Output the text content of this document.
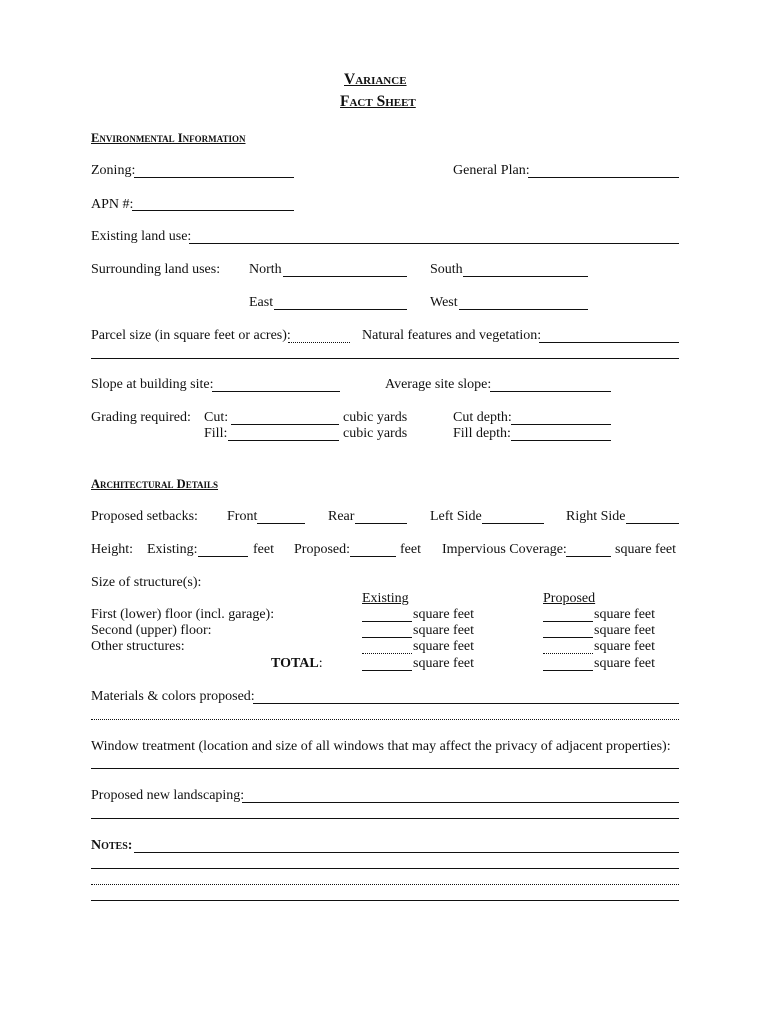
Variance
Fact Sheet
Environmental Information
Zoning:	General Plan:
APN #:
Existing land use:
Surrounding land uses: North	South
East	West
Parcel size (in square feet or acres):	Natural features and vegetation:
Slope at building site:	Average site slope:
Grading required: Cut:	cubic yards	Cut depth:
Fill:	cubic yards	Fill depth:
Architectural Details
Proposed setbacks: Front	Rear	Left Side	Right Side
Height: Existing:	feet Proposed:	feet Impervious Coverage:	square feet
Size of structure(s):
Existing	Proposed
First (lower) floor (incl. garage):	square feet	square feet
Second (upper) floor:	square feet	square feet
Other structures:	square feet	square feet
TOTAL:	square feet	square feet
Materials & colors proposed:
Window treatment (location and size of all windows that may affect the privacy of adjacent properties):
Proposed new landscaping:
Notes:
